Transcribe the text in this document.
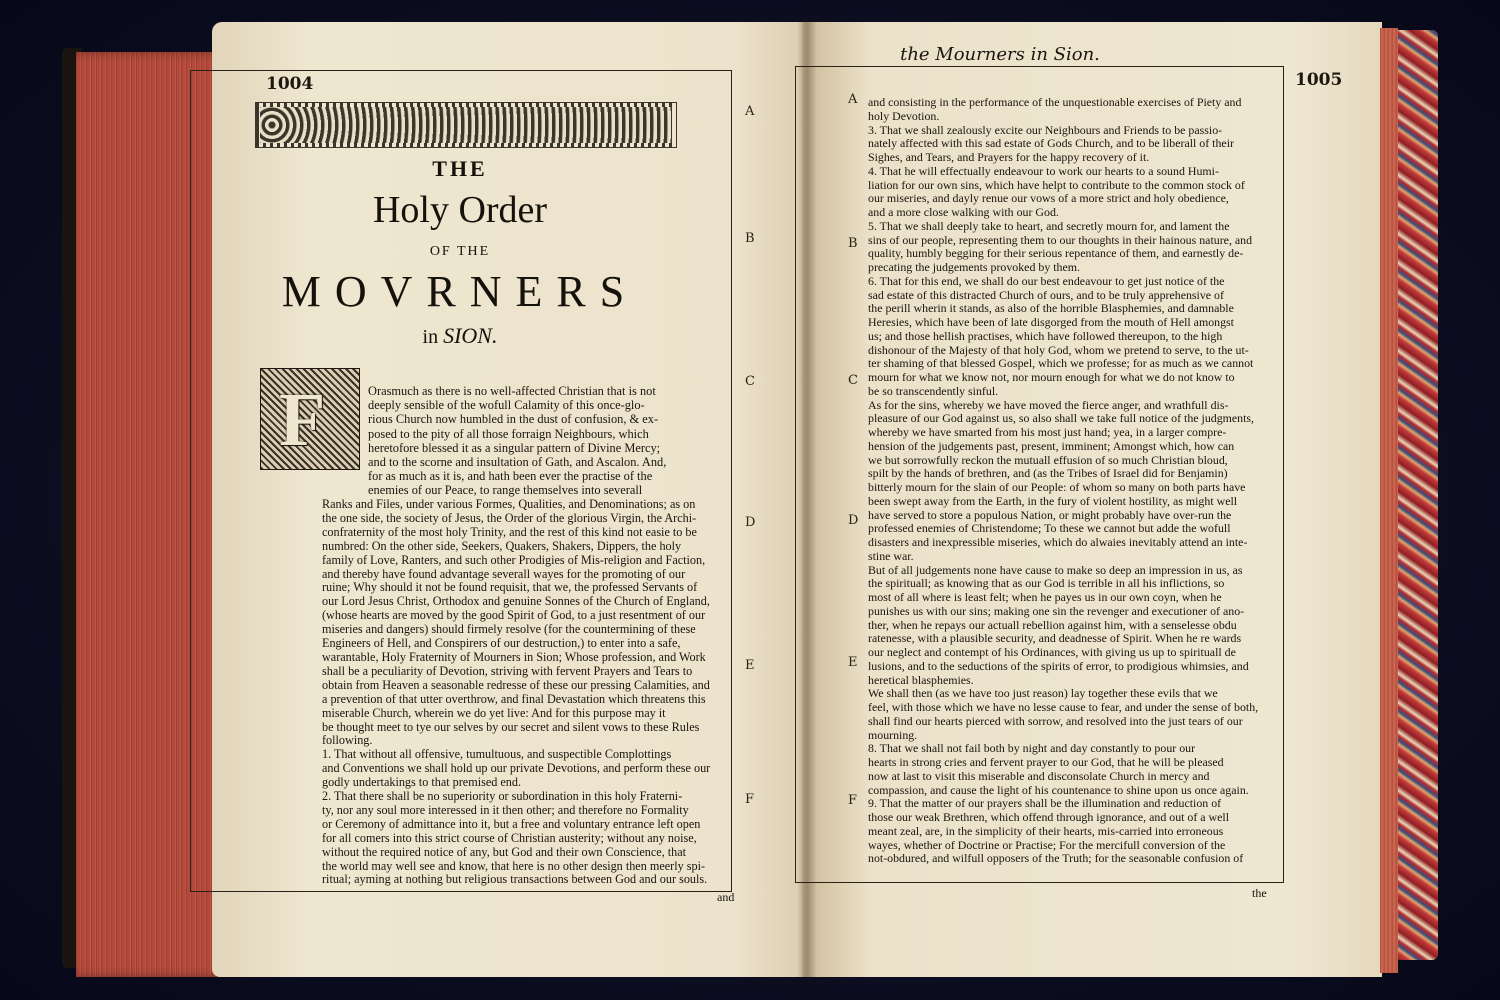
1004
A
B
C
D
E
F
THE
Holy Order
OF THE
MOVRNERS
in SION.
F	Orasmuch as there is no well-affected Christian that is not
deeply sensible of the wofull Calamity of this once-glo-
rious Church now humbled in the dust of confusion, & ex-
posed to the pity of all those forraign Neighbours, which
heretofore blessed it as a singular pattern of Divine Mercy;
and to the scorne and insultation of Gath, and Ascalon. And,
for as much as it is, and hath been ever the practise of the
enemies of our Peace, to range themselves into severall
Ranks and Files, under various Formes, Qualities, and Denominations; as on
the one side, the society of Jesus, the Order of the glorious Virgin, the Archi-
confraternity of the most holy Trinity, and the rest of this kind not easie to be
numbred: On the other side, Seekers, Quakers, Shakers, Dippers, the holy
family of Love, Ranters, and such other Prodigies of Mis-religion and Faction,
and thereby have found advantage severall wayes for the promoting of our
ruine; Why should it not be found requisit, that we, the professed Servants of
our Lord Jesus Christ, Orthodox and genuine Sonnes of the Church of England,
(whose hearts are moved by the good Spirit of God, to a just resentment of our
miseries and dangers) should firmely resolve (for the countermining of these
Engineers of Hell, and Conspirers of our destruction,) to enter into a safe,
warantable, Holy Fraternity of Mourners in Sion; Whose profession, and Work
shall be a peculiarity of Devotion, striving with fervent Prayers and Tears to
obtain from Heaven a seasonable redresse of these our pressing Calamities, and
a prevention of that utter overthrow, and final Devastation which threatens this
miserable Church, wherein we do yet live: And for this purpose may it
be thought meet to tye our selves by our secret and silent vows to these Rules
following.
1. That without all offensive, tumultuous, and suspectible Complottings
and Conventions we shall hold up our private Devotions, and perform these our
godly undertakings to that premised end.
2. That there shall be no superiority or subordination in this holy Fraterni-
ty, nor any soul more interessed in it then other; and therefore no Formality
or Ceremony of admittance into it, but a free and voluntary entrance left open
for all comers into this strict course of Christian austerity; without any noise,
without the required notice of any, but God and their own Conscience, that
the world may well see and know, that here is no other design then meerly spi-
ritual; ayming at nothing but religious transactions between God and our souls.
and
the Mourners in Sion.
1005
A
B
C
D
E
F
and consisting in the performance of the unquestionable exercises of Piety and
holy Devotion.
3. That we shall zealously excite our Neighbours and Friends to be passio-
nately affected with this sad estate of Gods Church, and to be liberall of their
Sighes, and Tears, and Prayers for the happy recovery of it.
4. That he will effectually endeavour to work our hearts to a sound Humi-
liation for our own sins, which have helpt to contribute to the common stock of
our miseries, and dayly renue our vows of a more strict and holy obedience,
and a more close walking with our God.
5. That we shall deeply take to heart, and secretly mourn for, and lament the
sins of our people, representing them to our thoughts in their hainous nature, and
quality, humbly begging for their serious repentance of them, and earnestly de-
precating the judgements provoked by them.
6. That for this end, we shall do our best endeavour to get just notice of the
sad estate of this distracted Church of ours, and to be truly apprehensive of
the perill wherin it stands, as also of the horrible Blasphemies, and damnable
Heresies, which have been of late disgorged from the mouth of Hell amongst
us; and those hellish practises, which have followed thereupon, to the high
dishonour of the Majesty of that holy God, whom we pretend to serve, to the ut-
ter shaming of that blessed Gospel, which we professe; for as much as we cannot
mourn for what we know not, nor mourn enough for what we do not know to
be so transcendently sinful.
As for the sins, whereby we have moved the fierce anger, and wrathfull dis-
pleasure of our God against us, so also shall we take full notice of the judgments,
whereby we have smarted from his most just hand; yea, in a larger compre-
hension of the judgements past, present, imminent; Amongst which, how can
we but sorrowfully reckon the mutuall effusion of so much Christian bloud,
spilt by the hands of brethren, and (as the Tribes of Israel did for Benjamin)
bitterly mourn for the slain of our People: of whom so many on both parts have
been swept away from the Earth, in the fury of violent hostility, as might well
have served to store a populous Nation, or might probably have over-run the
professed enemies of Christendome; To these we cannot but adde the wofull
disasters and inexpressible miseries, which do alwaies inevitably attend an inte-
stine war.
But of all judgements none have cause to make so deep an impression in us, as
the spirituall; as knowing that as our God is terrible in all his inflictions, so
most of all where is least felt; when he payes us in our own coyn, when he
punishes us with our sins; making one sin the revenger and executioner of ano-
ther, when he repays our actuall rebellion against him, with a senselesse obdu
ratenesse, with a plausible security, and deadnesse of Spirit. When he re wards
our neglect and contempt of his Ordinances, with giving us up to spirituall de
lusions, and to the seductions of the spirits of error, to prodigious whimsies, and
heretical blasphemies.
We shall then (as we have too just reason) lay together these evils that we
feel, with those which we have no lesse cause to fear, and under the sense of both,
shall find our hearts pierced with sorrow, and resolved into the just tears of our
mourning.
8. That we shall not fail both by night and day constantly to pour our
hearts in strong cries and fervent prayer to our God, that he will be pleased
now at last to visit this miserable and disconsolate Church in mercy and
compassion, and cause the light of his countenance to shine upon us once again.
9. That the matter of our prayers shall be the illumination and reduction of
those our weak Brethren, which offend through ignorance, and out of a well
meant zeal, are, in the simplicity of their hearts, mis-carried into erroneous
wayes, whether of Doctrine or Practise; For the mercifull conversion of the
not-obdured, and wilfull opposers of the Truth; for the seasonable confusion of
the
